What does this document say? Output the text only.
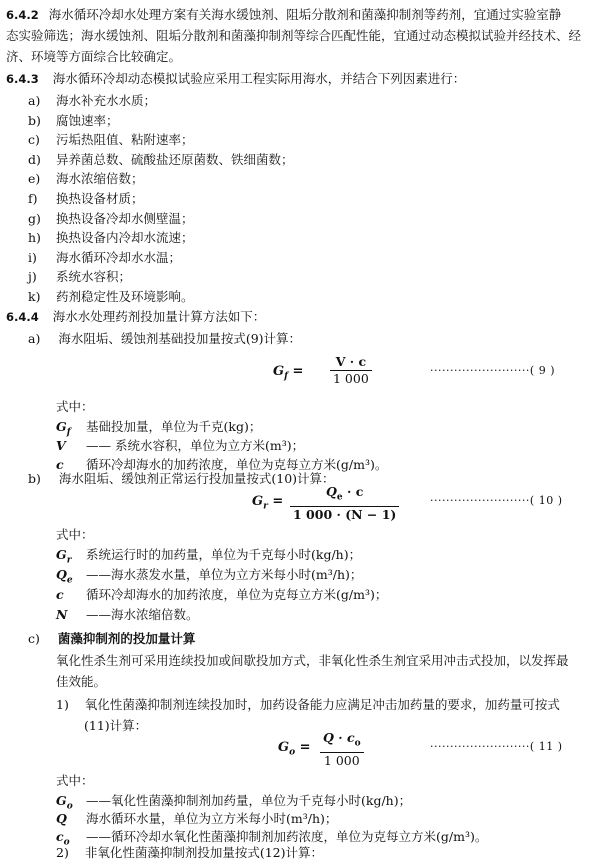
6.4.2 海水循环冷却水处理方案有关海水缓蚀剂、阻垢分散剂和菌藻抑制剂等药剂，宜通过实验室静
态实验筛选；海水缓蚀剂、阻垢分散剂和菌藻抑制剂等综合匹配性能，宜通过动态模拟试验并经技术、经
济、环境等方面综合比较确定。
6.4.3 海水循环冷却动态模拟试验应采用工程实际用海水，并结合下列因素进行：
a) 海水补充水水质；
b) 腐蚀速率；
c) 污垢热阻值、粘附速率；
d) 异养菌总数、硫酸盐还原菌数、铁细菌数；
e) 海水浓缩倍数；
f) 换热设备材质；
g) 换热设备冷却水侧壁温；
h) 换热设备内冷却水流速；
i) 海水循环冷却水水温；
j) 系统水容积；
k) 药剂稳定性及环境影响。
6.4.4 海水水处理药剂投加量计算方法如下：
a) 海水阻垢、缓蚀剂基础投加量按式(9)计算：
$G_f$ =
V · c
1 000
·························( 9 )
式中：
$G_f$ 基础投加量，单位为千克(kg)；
V —— 系统水容积，单位为立方米(m³)；
c 循环冷却海水的加药浓度，单位为克每立方米(g/m³)。
b) 海水阻垢、缓蚀剂正常运行投加量按式(10)计算：
$G_r$ =
$Q_e \cdot c$
1 000 · (N − 1)
·························( 10 )
式中：
$G_r$ 系统运行时的加药量，单位为千克每小时(kg/h)；
$Q_e$ ——海水蒸发水量，单位为立方米每小时(m³/h)；
c 循环冷却海水的加药浓度，单位为克每立方米(g/m³)；
N ——海水浓缩倍数。
c) 菌藻抑制剂的投加量计算
氧化性杀生剂可采用连续投加或间歇投加方式，非氧化性杀生剂宜采用冲击式投加，以发挥最
佳效能。
1) 氧化性菌藻抑制剂连续投加时，加药设备能力应满足冲击加药量的要求，加药量可按式
(11)计算：
$G_o$ =
$Q \cdot c_o$
1 000
·························( 11 )
式中：
$G_o$ ——氧化性菌藻抑制剂加药量，单位为千克每小时(kg/h)；
Q 海水循环水量，单位为立方米每小时(m³/h)；
$c_o$ ——循环冷却水氧化性菌藻抑制剂加药浓度，单位为克每立方米(g/m³)。
2) 非氧化性菌藻抑制剂投加量按式(12)计算：
